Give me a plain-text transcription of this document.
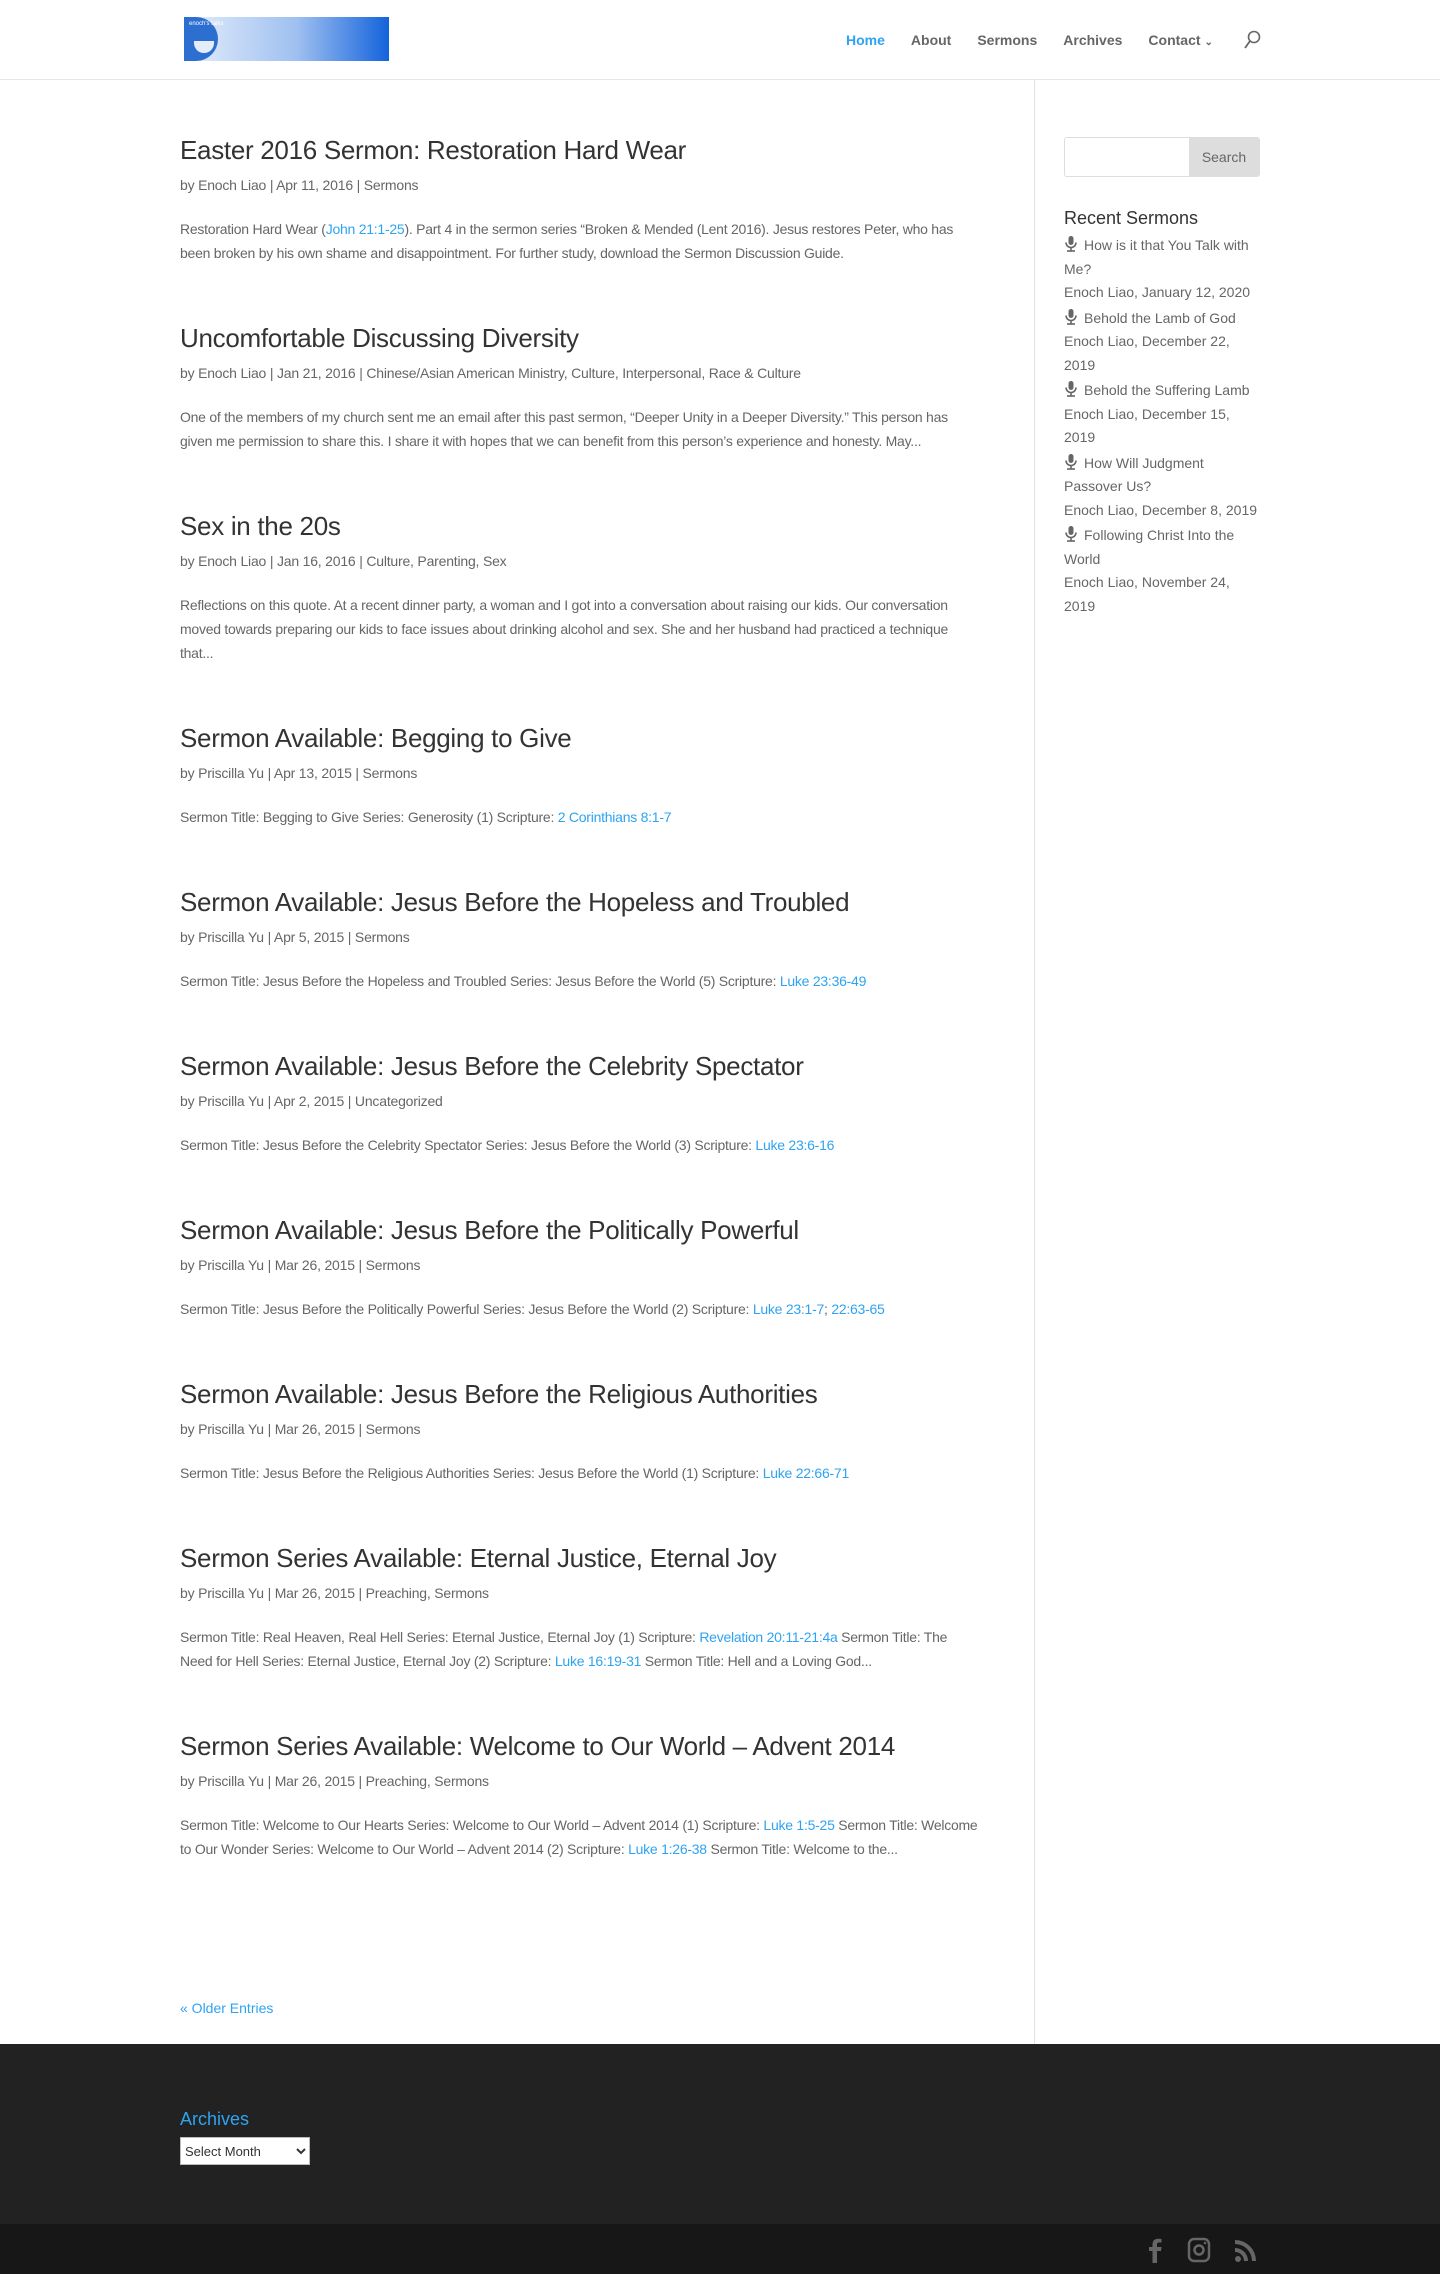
enoch's talks
Home About Sermons Archives Contact ⌄
Easter 2016 Sermon: Restoration Hard Wear
by Enoch Liao | Apr 11, 2016 | Sermons
Restoration Hard Wear (John 21:1-25). Part 4 in the sermon series “Broken & Mended (Lent 2016). Jesus restores Peter, who has been broken by his own shame and disappointment. For further study, download the Sermon Discussion Guide.
Uncomfortable Discussing Diversity
by Enoch Liao | Jan 21, 2016 | Chinese/Asian American Ministry, Culture, Interpersonal, Race & Culture
One of the members of my church sent me an email after this past sermon, “Deeper Unity in a Deeper Diversity.” This person has given me permission to share this. I share it with hopes that we can benefit from this person’s experience and honesty. May...
Sex in the 20s
by Enoch Liao | Jan 16, 2016 | Culture, Parenting, Sex
Reflections on this quote. At a recent dinner party, a woman and I got into a conversation about raising our kids. Our conversation moved towards preparing our kids to face issues about drinking alcohol and sex. She and her husband had practiced a technique that...
Sermon Available: Begging to Give
by Priscilla Yu | Apr 13, 2015 | Sermons
Sermon Title: Begging to Give Series: Generosity (1) Scripture: 2 Corinthians 8:1-7
Sermon Available: Jesus Before the Hopeless and Troubled
by Priscilla Yu | Apr 5, 2015 | Sermons
Sermon Title: Jesus Before the Hopeless and Troubled Series: Jesus Before the World (5) Scripture: Luke 23:36-49
Sermon Available: Jesus Before the Celebrity Spectator
by Priscilla Yu | Apr 2, 2015 | Uncategorized
Sermon Title: Jesus Before the Celebrity Spectator Series: Jesus Before the World (3) Scripture: Luke 23:6-16
Sermon Available: Jesus Before the Politically Powerful
by Priscilla Yu | Mar 26, 2015 | Sermons
Sermon Title: Jesus Before the Politically Powerful Series: Jesus Before the World (2) Scripture: Luke 23:1-7; 22:63-65
Sermon Available: Jesus Before the Religious Authorities
by Priscilla Yu | Mar 26, 2015 | Sermons
Sermon Title: Jesus Before the Religious Authorities Series: Jesus Before the World (1) Scripture: Luke 22:66-71
Sermon Series Available: Eternal Justice, Eternal Joy
by Priscilla Yu | Mar 26, 2015 | Preaching, Sermons
Sermon Title: Real Heaven, Real Hell Series: Eternal Justice, Eternal Joy (1) Scripture: Revelation 20:11-21:4a Sermon Title: The Need for Hell Series: Eternal Justice, Eternal Joy (2) Scripture: Luke 16:19-31 Sermon Title: Hell and a Loving God...
Sermon Series Available: Welcome to Our World – Advent 2014
by Priscilla Yu | Mar 26, 2015 | Preaching, Sermons
Sermon Title: Welcome to Our Hearts Series: Welcome to Our World – Advent 2014 (1) Scripture: Luke 1:5-25 Sermon Title: Welcome to Our Wonder Series: Welcome to Our World – Advent 2014 (2) Scripture: Luke 1:26-38 Sermon Title: Welcome to the...
« Older Entries
Search
Recent Sermons
How is it that You Talk with Me?
Enoch Liao, January 12, 2020
Behold the Lamb of God
Enoch Liao, December 22, 2019
Behold the Suffering Lamb
Enoch Liao, December 15, 2019
How Will Judgment Passover Us?
Enoch Liao, December 8, 2019
Following Christ Into the World
Enoch Liao, November 24, 2019
Archives
Select Month
